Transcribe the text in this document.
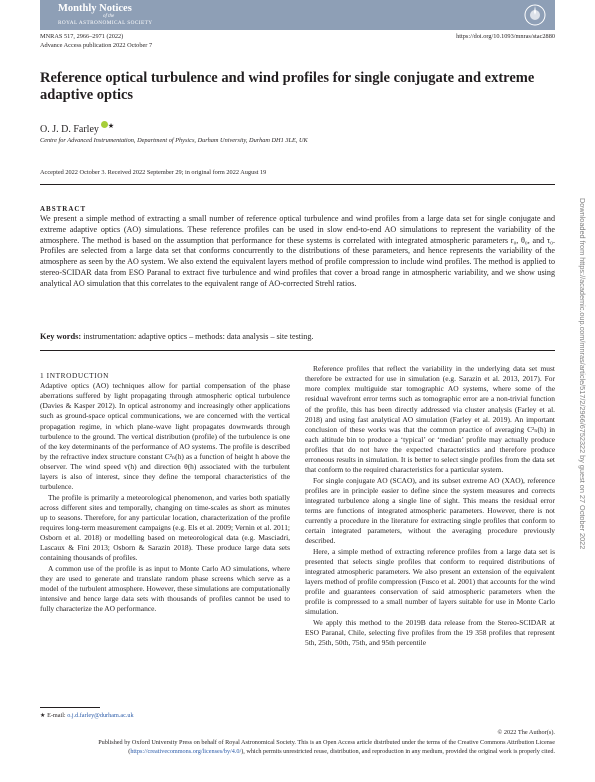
Monthly Notices
of the
ROYAL ASTRONOMICAL SOCIETY
MNRAS 517, 2966–2971 (2022)
Advance Access publication 2022 October 7
https://doi.org/10.1093/mnras/stac2880
Reference optical turbulence and wind profiles for single conjugate and extreme adaptive optics
O. J. D. Farley ★
Centre for Advanced Instrumentation, Department of Physics, Durham University, Durham DH1 3LE, UK
Accepted 2022 October 3. Received 2022 September 29; in original form 2022 August 19
ABSTRACT

We present a simple method of extracting a small number of reference optical turbulence and wind profiles from a large data set for single conjugate and extreme adaptive optics (AO) simulations. These reference profiles can be used in slow end-to-end AO simulations to represent the variability of the atmosphere. The method is based on the assumption that performance for these systems is correlated with integrated atmospheric parameters r₀, θ₀, and τ₀. Profiles are selected from a large data set that conforms concurrently to the distributions of these parameters, and hence represents the variability of the atmosphere as seen by the AO system. We also extend the equivalent layers method of profile compression to include wind profiles. The method is applied to stereo-SCIDAR data from ESO Paranal to extract five turbulence and wind profiles that cover a broad range in atmospheric variability, and we show using analytical AO simulation that this correlates to the equivalent range of AO-corrected Strehl ratios.

Key words: instrumentation: adaptive optics – methods: data analysis – site testing.
1 INTRODUCTION

Adaptive optics (AO) techniques allow for partial compensation of the phase aberrations suffered by light propagating through atmospheric optical turbulence (Davies & Kasper 2012). In optical astronomy and increasingly other applications such as ground-space optical communications, we are concerned with the vertical propagation regime, in which plane-wave light propagates downwards through turbulence to the ground. The vertical distribution (profile) of the turbulence is one of the key determinants of the performance of AO systems. The profile is described by the refractive index structure constant C²ₙ(h) as a function of height h above the observer. The wind speed v(h) and direction θ(h) associated with the turbulent layers is also of interest, since they define the temporal characteristics of the turbulence.

The profile is primarily a meteorological phenomenon, and varies both spatially across different sites and temporally, changing on time-scales as short as minutes up to seasons. Therefore, for any particular location, characterization of the profile requires long-term measurement campaigns (e.g. Els et al. 2009; Vernin et al. 2011; Osborn et al. 2018) or modelling based on meteorological data (e.g. Masciadri, Lascaux & Fini 2013; Osborn & Sarazin 2018). These produce large data sets containing thousands of profiles.

A common use of the profile is as input to Monte Carlo AO simulations, where they are used to generate and translate random phase screens which serve as a model of the turbulent atmosphere. However, these simulations are computationally intensive and hence large data sets with thousands of profiles cannot be used to fully characterize the AO performance.

Reference profiles that reflect the variability in the underlying data set must therefore be extracted for use in simulation (e.g. Sarazin et al. 2013, 2017). For more complex multiguide star tomographic AO systems, where some of the residual wavefront error terms such as tomographic error are a non-trivial function of the profile, this has been directly addressed via cluster analysis (Farley et al. 2018) and using fast analytical AO simulation (Farley et al. 2019). An important conclusion of these works was that the common practice of averaging C²ₙ(h) in each altitude bin to produce a ‘typical’ or ‘median’ profile may actually produce profiles that do not have the expected characteristics and therefore produce erroneous results in simulation. It is better to select single profiles from the data set that conform to the required characteristics for a particular system.

For single conjugate AO (SCAO), and its subset extreme AO (XAO), reference profiles are in principle easier to define since the system measures and corrects integrated turbulence along a single line of sight. This means the residual error terms are functions of integrated atmospheric parameters. However, there is not currently a procedure in the literature for extracting single profiles that conform to certain integrated parameters, without the averaging procedure previously described.

Here, a simple method of extracting reference profiles from a large data set is presented that selects single profiles that conform to required distributions of integrated atmospheric parameters. We also present an extension of the equivalent layers method of profile compression (Fusco et al. 2001) that accounts for the wind profile and guarantees conservation of said atmospheric parameters when the profile is compressed to a small number of layers suitable for use in Monte Carlo simulation.

We apply this method to the 2019B data release from the Stereo-SCIDAR at ESO Paranal, Chile, selecting five profiles from the 19 358 profiles that represent 5th, 25th, 50th, 75th, and 95th percentile

★ E-mail: o.j.d.farley@durham.ac.uk
© 2022 The Author(s).

Published by Oxford University Press on behalf of Royal Astronomical Society. This is an Open Access article distributed under the terms of the Creative Commons Attribution License (https://creativecommons.org/licenses/by/4.0/), which permits unrestricted reuse, distribution, and reproduction in any medium, provided the original work is properly cited.

Downloaded from https://academic.oup.com/mnras/article/517/2/2966/6752322 by guest on 27 October 2022
